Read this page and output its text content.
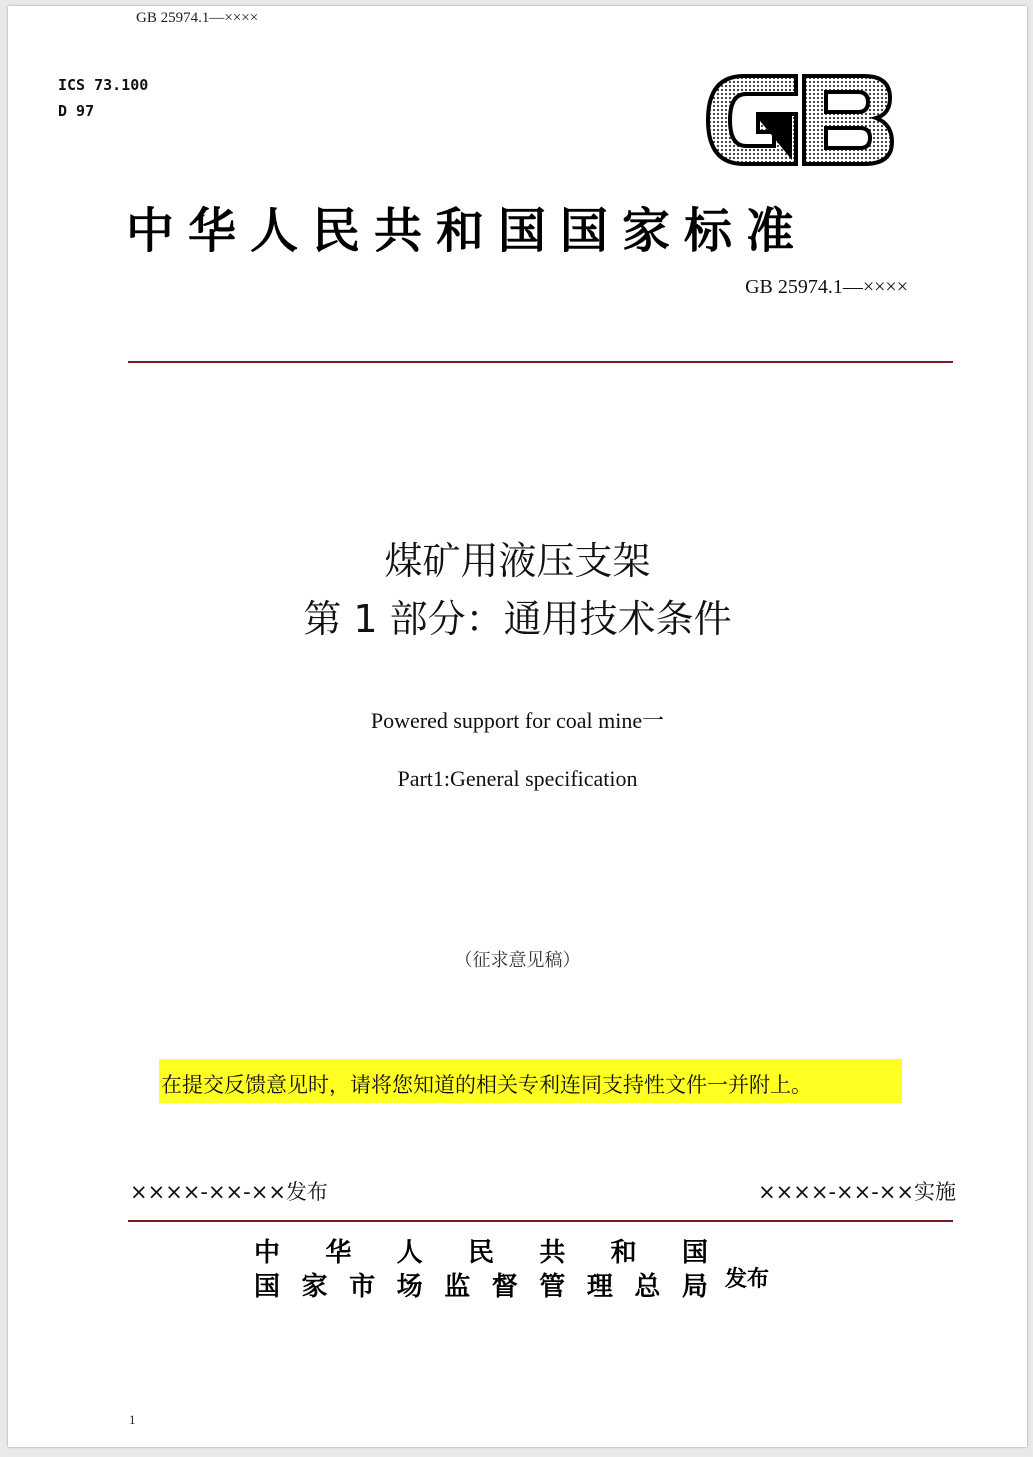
GB 25974.1—××××
ICS 73.100
D 97
GB
中华人民共和国国家标准
GB 25974.1—××××
煤矿用液压支架
第 1 部分：通用技术条件
Powered support for coal mine一
Part1:General specification
（征求意见稿）
在提交反馈意见时，请将您知道的相关专利连同支持性文件一并附上。
××××-××-××发布	××××-××-××实施
中 华 人 民 共 和 国
国 家 市 场 监 督 管 理 总 局 发布
1
